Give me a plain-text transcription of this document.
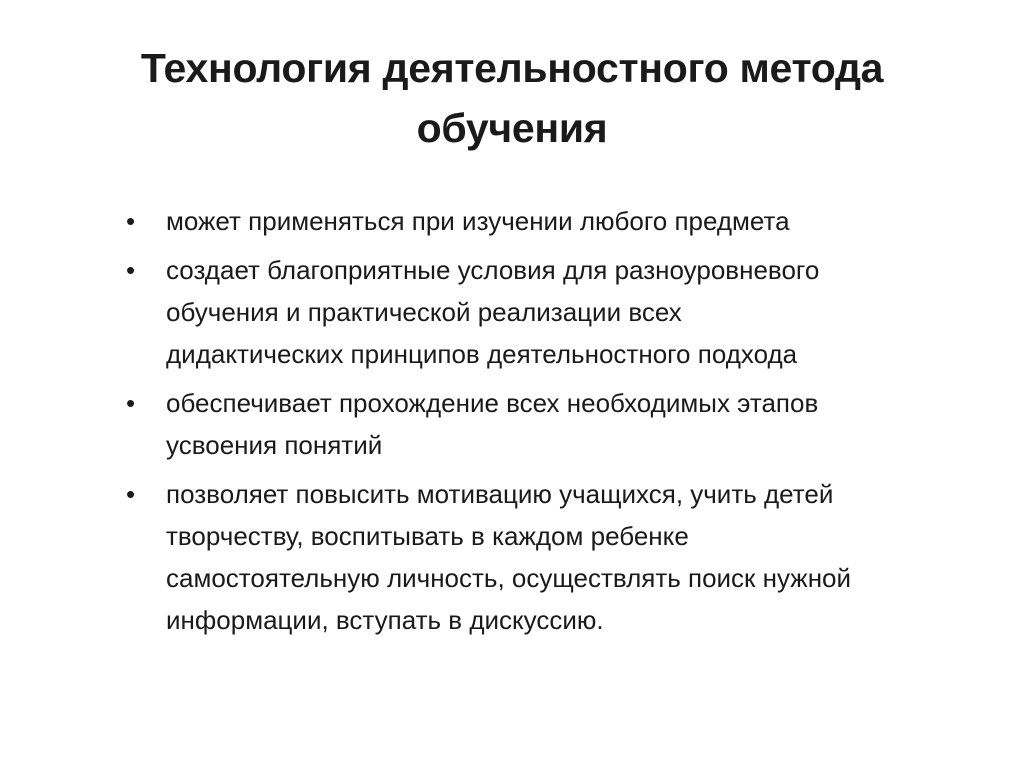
Технология деятельностного метода
обучения
• может применяться при изучении любого предмета
• создает благоприятные условия для разноуровневого
обучения и практической реализации всех
дидактических принципов деятельностного подхода
• обеспечивает прохождение всех необходимых этапов
усвоения понятий
• позволяет повысить мотивацию учащихся, учить детей
творчеству, воспитывать в каждом ребенке
самостоятельную личность, осуществлять поиск нужной
информации, вступать в дискуссию.
